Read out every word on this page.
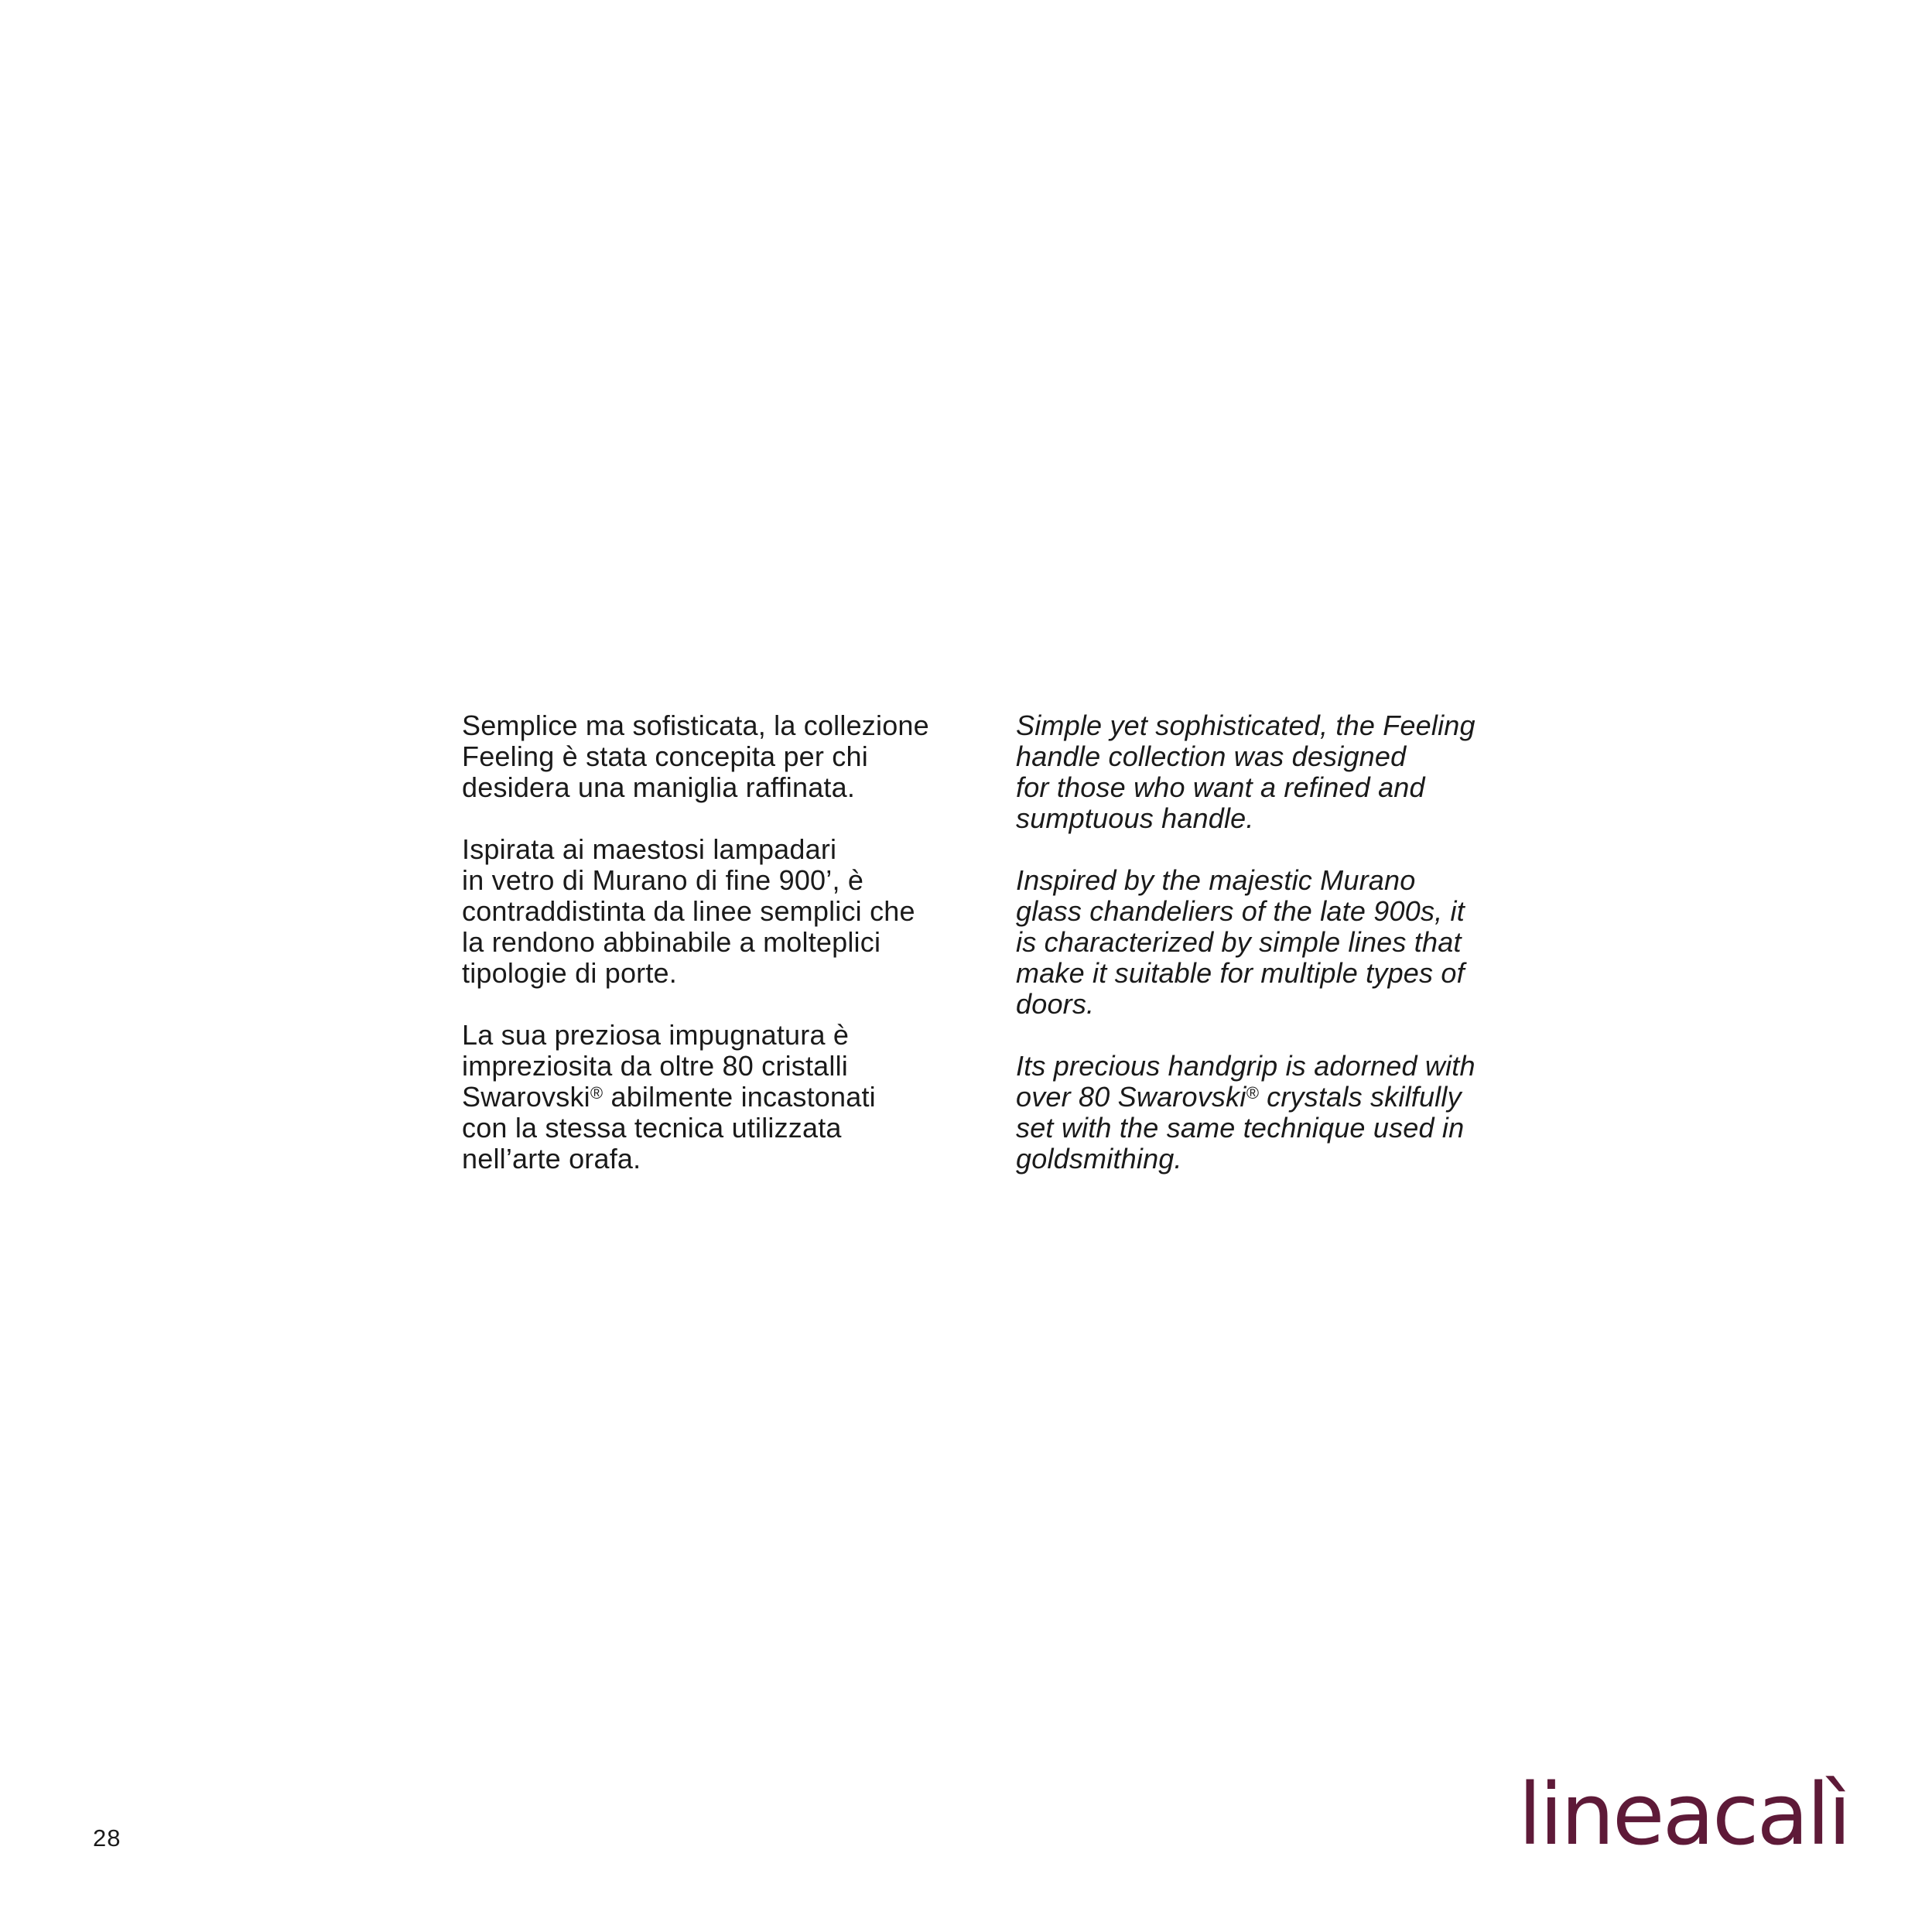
Semplice ma sofisticata, la collezione
Feeling è stata concepita per chi
desidera una maniglia raffinata.

Ispirata ai maestosi lampadari
in vetro di Murano di fine 900’, è
contraddistinta da linee semplici che
la rendono abbinabile a molteplici
tipologie di porte.

La sua preziosa impugnatura è
impreziosita da oltre 80 cristalli
Swarovski® abilmente incastonati
con la stessa tecnica utilizzata
nell’arte orafa.

Simple yet sophisticated, the Feeling
handle collection was designed
for those who want a refined and
sumptuous handle.

Inspired by the majestic Murano
glass chandeliers of the late 900s, it
is characterized by simple lines that
make it suitable for multiple types of
doors.

Its precious handgrip is adorned with
over 80 Swarovski® crystals skilfully
set with the same technique used in
goldsmithing.

28	lineacalì
